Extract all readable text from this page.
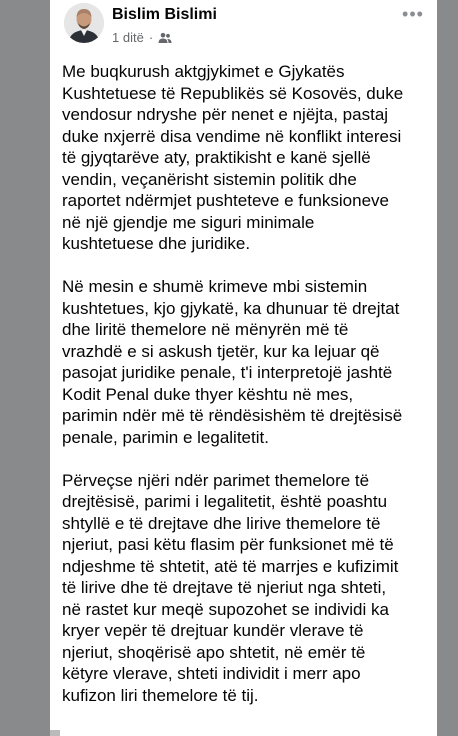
Bislim Bislimi
1 ditë ·
•••

Me buqkurush aktgjykimet e Gjykatës
Kushtetuese të Republikës së Kosovës, duke
vendosur ndryshe për nenet e njëjta, pastaj
duke nxjerrë disa vendime në konflikt interesi
të gjyqtarëve aty, praktikisht e kanë sjellë
vendin, veçanërisht sistemin politik dhe
raportet ndërmjet pushteteve e funksioneve
në një gjendje me siguri minimale
kushtetuese dhe juridike.

Në mesin e shumë krimeve mbi sistemin
kushtetues, kjo gjykatë, ka dhunuar të drejtat
dhe liritë themelore në mënyrën më të
vrazhdë e si askush tjetër, kur ka lejuar që
pasojat juridike penale, t'i interpretojë jashtë
Kodit Penal duke thyer kështu në mes,
parimin ndër më të rëndësishëm të drejtësisë
penale, parimin e legalitetit.

Përveçse njëri ndër parimet themelore të
drejtësisë, parimi i legalitetit, është poashtu
shtyllë e të drejtave dhe lirive themelore të
njeriut, pasi këtu flasim për funksionet më të
ndjeshme të shtetit, atë të marrjes e kufizimit
të lirive dhe të drejtave të njeriut nga shteti,
në rastet kur meqë supozohet se individi ka
kryer vepër të drejtuar kundër vlerave të
njeriut, shoqërisë apo shtetit, në emër të
këtyre vlerave, shteti individit i merr apo
kufizon liri themelore të tij.
